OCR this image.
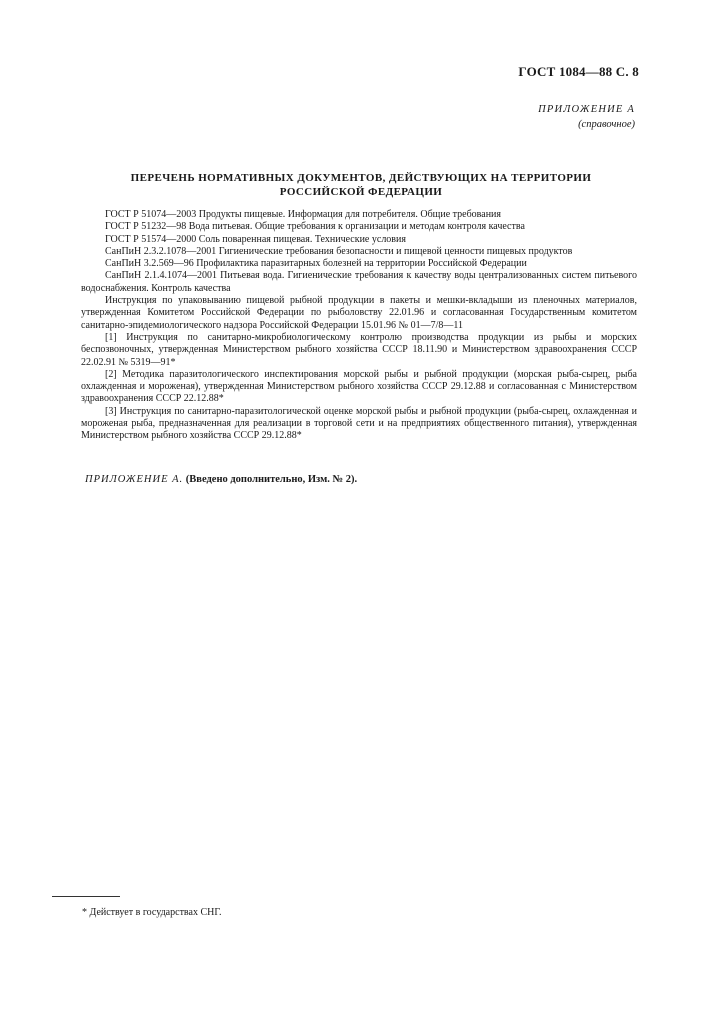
ГОСТ 1084—88 С. 8
ПРИЛОЖЕНИЕ А
(справочное)
ПЕРЕЧЕНЬ НОРМАТИВНЫХ ДОКУМЕНТОВ, ДЕЙСТВУЮЩИХ НА ТЕРРИТОРИИ
РОССИЙСКОЙ ФЕДЕРАЦИИ

ГОСТ Р 51074—2003 Продукты пищевые. Информация для потребителя. Общие требования

ГОСТ Р 51232—98 Вода питьевая. Общие требования к организации и методам контроля качества

ГОСТ Р 51574—2000 Соль поваренная пищевая. Технические условия

СанПиН 2.3.2.1078—2001 Гигиенические требования безопасности и пищевой ценности пищевых продуктов

СанПиН 3.2.569—96 Профилактика паразитарных болезней на территории Российской Федерации

СанПиН 2.1.4.1074—2001 Питьевая вода. Гигиенические требования к качеству воды централизованных систем питьевого водоснабжения. Контроль качества

Инструкция по упаковыванию пищевой рыбной продукции в пакеты и мешки-вкладыши из пленочных материалов, утвержденная Комитетом Российской Федерации по рыболовству 22.01.96 и согласованная Государственным комитетом санитарно-эпидемиологического надзора Российской Федерации 15.01.96 № 01—7/8—11

[1] Инструкция по санитарно-микробиологическому контролю производства продукции из рыбы и морских беспозвоночных, утвержденная Министерством рыбного хозяйства СССР 18.11.90 и Министерством здравоохранения СССР 22.02.91 № 5319—91*

[2] Методика паразитологического инспектирования морской рыбы и рыбной продукции (морская рыба-сырец, рыба охлажденная и мороженая), утвержденная Министерством рыбного хозяйства СССР 29.12.88 и согласованная с Министерством здравоохранения СССР 22.12.88*

[3] Инструкция по санитарно-паразитологической оценке морской рыбы и рыбной продукции (рыба-сырец, охлажденная и мороженая рыба, предназначенная для реализации в торговой сети и на предприятиях общественного питания), утвержденная Министерством рыбного хозяйства СССР 29.12.88*

ПРИЛОЖЕНИЕ А. (Введено дополнительно, Изм. № 2).
* Действует в государствах СНГ.
